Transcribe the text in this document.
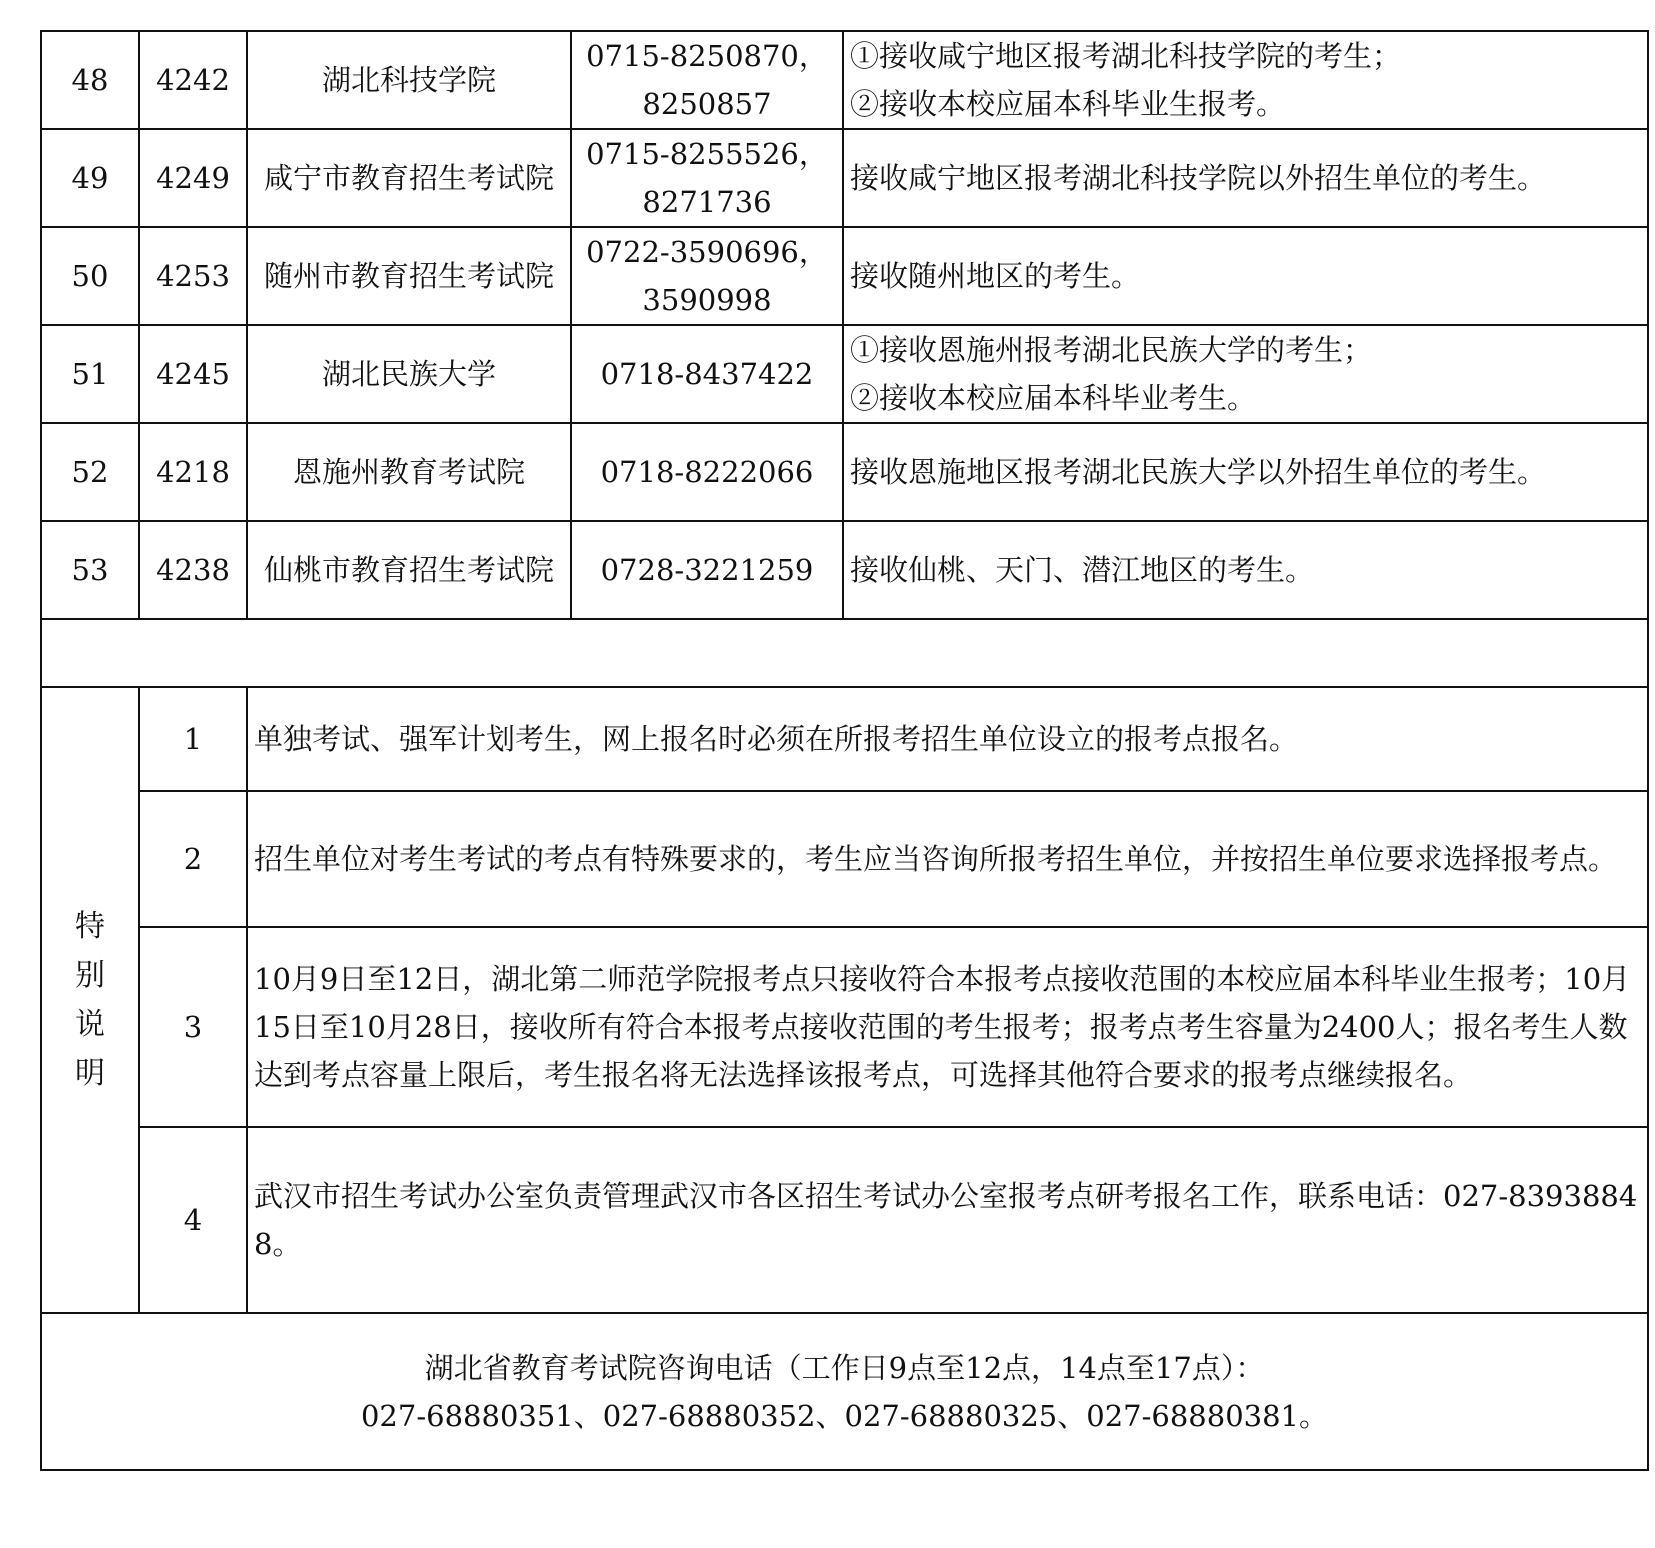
48	4242	湖北科技学院	0715-8250870，8250857	①接收咸宁地区报考湖北科技学院的考生；
②接收本校应届本科毕业生报考。
49	4249	咸宁市教育招生考试院	0715-8255526，8271736	接收咸宁地区报考湖北科技学院以外招生单位的考生。
50	4253	随州市教育招生考试院	0722-3590696，3590998	接收随州地区的考生。
51	4245	湖北民族大学	0718-8437422	①接收恩施州报考湖北民族大学的考生；
②接收本校应届本科毕业考生。
52	4218	恩施州教育考试院	0718-8222066	接收恩施地区报考湖北民族大学以外招生单位的考生。
53	4238	仙桃市教育招生考试院	0728-3221259	接收仙桃、天门、潜江地区的考生。

特
别
说
明	1	单独考试、强军计划考生，网上报名时必须在所报考招生单位设立的报考点报名。		
	2	招生单位对考生考试的考点有特殊要求的，考生应当咨询所报考招生单位，并按招生单位要求选择报考点。		
	3	10月9日至12日，湖北第二师范学院报考点只接收符合本报考点接收范围的本校应届本科毕业生报考；10月15日至10月28日，接收所有符合本报考点接收范围的考生报考；报考点考生容量为2400人；报名考生人数达到考点容量上限后，考生报名将无法选择该报考点，可选择其他符合要求的报考点继续报名。		
	4	武汉市招生考试办公室负责管理武汉市各区招生考试办公室报考点研考报名工作，联系电话：027-83938848。		

湖北省教育考试院咨询电话（工作日9点至12点，14点至17点）：
027-68880351、027-68880352、027-68880325、027-68880381。				
